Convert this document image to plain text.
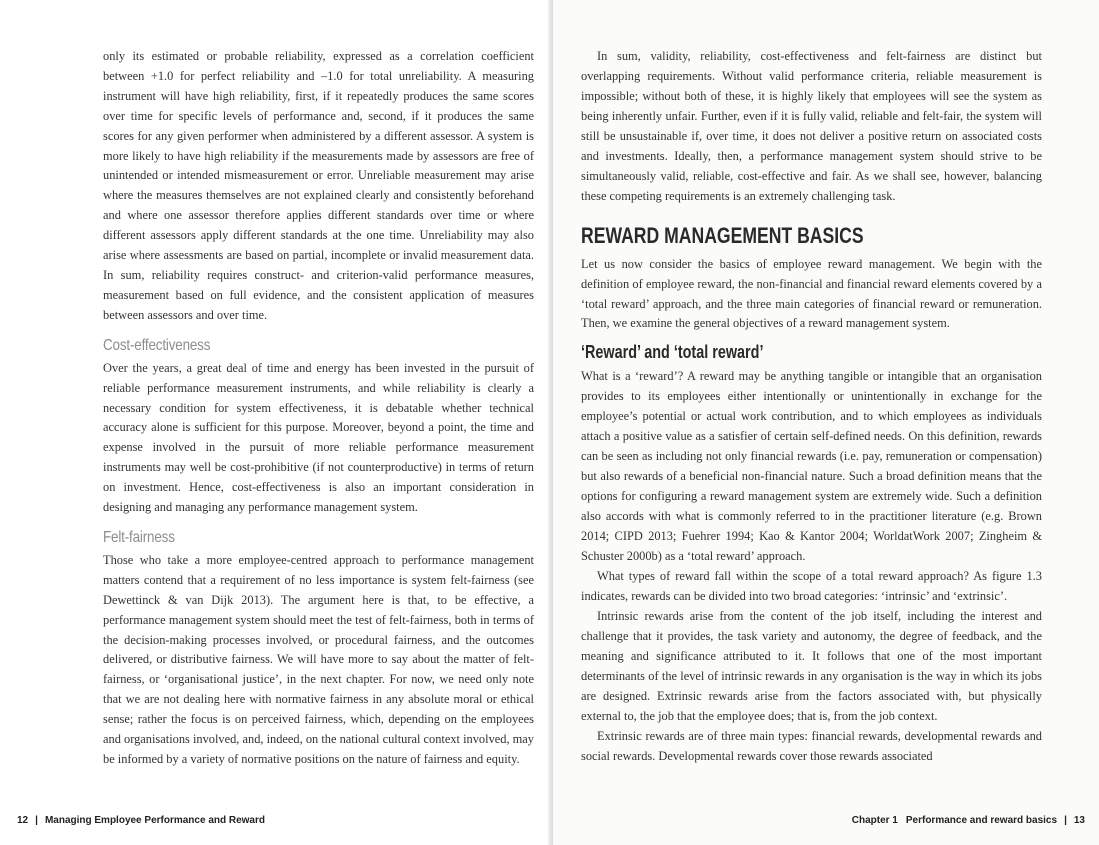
only its estimated or probable reliability, expressed as a correlation coefficient between +1.0 for perfect reliability and –1.0 for total unreliability. A measuring instrument will have high reliability, first, if it repeatedly produces the same scores over time for specific levels of performance and, second, if it produces the same scores for any given performer when administered by a different assessor. A system is more likely to have high reliability if the measurements made by assessors are free of unintended or intended mismeasurement or error. Unreliable measurement may arise where the measures themselves are not explained clearly and consistently beforehand and where one assessor therefore applies different standards over time or where different assessors apply different standards at the one time. Unreliability may also arise where assessments are based on partial, incomplete or invalid measurement data. In sum, reliability requires construct- and criterion-valid performance measures, measurement based on full evidence, and the consistent application of measures between assessors and over time.

Cost-effectiveness

Over the years, a great deal of time and energy has been invested in the pursuit of reliable performance measurement instruments, and while reliability is clearly a necessary condition for system effectiveness, it is debatable whether technical accuracy alone is sufficient for this purpose. Moreover, beyond a point, the time and expense involved in the pursuit of more reliable performance measurement instruments may well be cost-prohibitive (if not counterproductive) in terms of return on investment. Hence, cost-effectiveness is also an important consideration in designing and managing any performance management system.

Felt-fairness

Those who take a more employee-centred approach to performance management matters contend that a requirement of no less importance is system felt-fairness (see Dewettinck & van Dijk 2013). The argument here is that, to be effective, a performance management system should meet the test of felt-fairness, both in terms of the decision-making processes involved, or procedural fairness, and the outcomes delivered, or distributive fairness. We will have more to say about the matter of felt-fairness, or ‘organisational justice’, in the next chapter. For now, we need only note that we are not dealing here with normative fairness in any absolute moral or ethical sense; rather the focus is on perceived fairness, which, depending on the employees and organisations involved, and, indeed, on the national cultural context involved, may be informed by a variety of normative positions on the nature of fairness and equity.

12 | Managing Employee Performance and Reward

In sum, validity, reliability, cost-effectiveness and felt-fairness are distinct but overlapping requirements. Without valid performance criteria, reliable measurement is impossible; without both of these, it is highly likely that employees will see the system as being inherently unfair. Further, even if it is fully valid, reliable and felt-fair, the system will still be unsustainable if, over time, it does not deliver a positive return on associated costs and investments. Ideally, then, a performance management system should strive to be simultaneously valid, reliable, cost-effective and fair. As we shall see, however, balancing these competing requirements is an extremely challenging task.

REWARD MANAGEMENT BASICS

Let us now consider the basics of employee reward management. We begin with the definition of employee reward, the non-financial and financial reward elements covered by a ‘total reward’ approach, and the three main categories of financial reward or remuneration. Then, we examine the general objectives of a reward management system.

‘Reward’ and ‘total reward’

What is a ‘reward’? A reward may be anything tangible or intangible that an organisation provides to its employees either intentionally or unintentionally in exchange for the employee’s potential or actual work contribution, and to which employees as individuals attach a positive value as a satisfier of certain self-defined needs. On this definition, rewards can be seen as including not only financial rewards (i.e. pay, remuneration or compensation) but also rewards of a beneficial non-financial nature. Such a broad definition means that the options for configuring a reward management system are extremely wide. Such a definition also accords with what is commonly referred to in the practitioner literature (e.g. Brown 2014; CIPD 2013; Fuehrer 1994; Kao & Kantor 2004; WorldatWork 2007; Zingheim & Schuster 2000b) as a ‘total reward’ approach.

What types of reward fall within the scope of a total reward approach? As figure 1.3 indicates, rewards can be divided into two broad categories: ‘intrinsic’ and ‘extrinsic’.

Intrinsic rewards arise from the content of the job itself, including the interest and challenge that it provides, the task variety and autonomy, the degree of feedback, and the meaning and significance attributed to it. It follows that one of the most important determinants of the level of intrinsic rewards in any organisation is the way in which its jobs are designed. Extrinsic rewards arise from the factors associated with, but physically external to, the job that the employee does; that is, from the job context.

Extrinsic rewards are of three main types: financial rewards, developmental rewards and social rewards. Developmental rewards cover those rewards associated

Chapter 1 Performance and reward basics | 13
